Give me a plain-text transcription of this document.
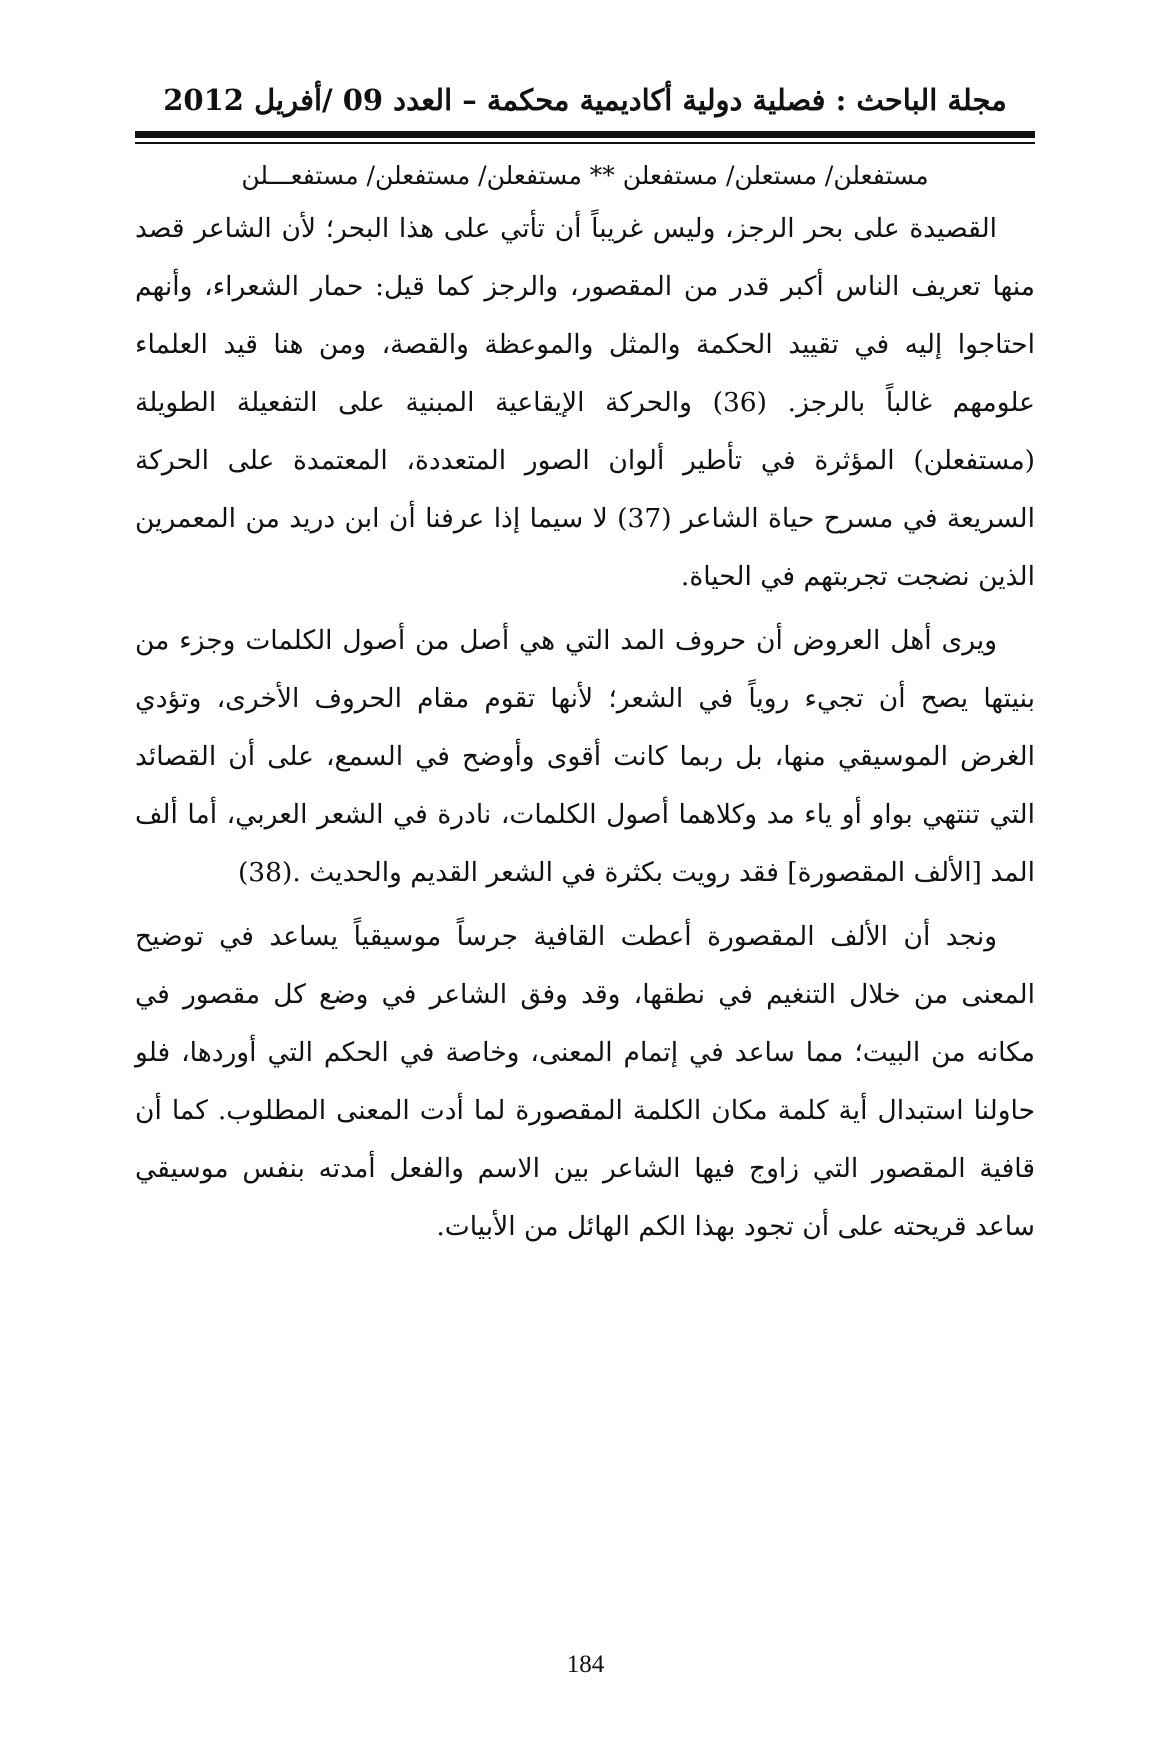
مجلة الباحث : فصلية دولية أكاديمية محكمة – العدد 09 /أفريل 2012
مستفعلن/ مستعلن/ مستفعلن ** مستفعلن/ مستفعلن/ مستفعـــلن

القصيدة على بحر الرجز، وليس غريباً أن تأتي على هذا البحر؛ لأن الشاعر قصد منها تعريف الناس أكبر قدر من المقصور، والرجز كما قيل: حمار الشعراء، وأنهم احتاجوا إليه في تقييد الحكمة والمثل والموعظة والقصة، ومن هنا قيد العلماء علومهم غالباً بالرجز. (36) والحركة الإيقاعية المبنية على التفعيلة الطويلة (مستفعلن) المؤثرة في تأطير ألوان الصور المتعددة، المعتمدة على الحركة السريعة في مسرح حياة الشاعر (37) لا سيما إذا عرفنا أن ابن دريد من المعمرين الذين نضجت تجربتهم في الحياة.

ويرى أهل العروض أن حروف المد التي هي أصل من أصول الكلمات وجزء من بنيتها يصح أن تجيء روياً في الشعر؛ لأنها تقوم مقام الحروف الأخرى، وتؤدي الغرض الموسيقي منها، بل ربما كانت أقوى وأوضح في السمع، على أن القصائد التي تنتهي بواو أو ياء مد وكلاهما أصول الكلمات، نادرة في الشعر العربي، أما ألف المد [الألف المقصورة] فقد رويت بكثرة في الشعر القديم والحديث .(38)

ونجد أن الألف المقصورة أعطت القافية جرساً موسيقياً يساعد في توضيح المعنى من خلال التنغيم في نطقها، وقد وفق الشاعر في وضع كل مقصور في مكانه من البيت؛ مما ساعد في إتمام المعنى، وخاصة في الحكم التي أوردها، فلو حاولنا استبدال أية كلمة مكان الكلمة المقصورة لما أدت المعنى المطلوب. كما أن قافية المقصور التي زاوج فيها الشاعر بين الاسم والفعل أمدته بنفس موسيقي ساعد قريحته على أن تجود بهذا الكم الهائل من الأبيات.

184
